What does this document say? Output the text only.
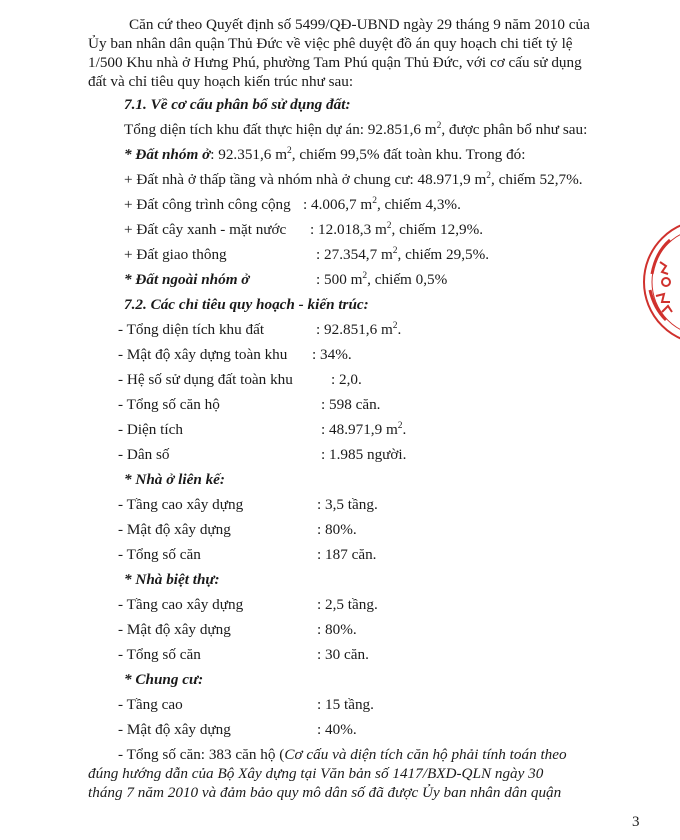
Căn cứ theo Quyết định số 5499/QĐ-UBND ngày 29 tháng 9 năm 2010 của
Ủy ban nhân dân quận Thủ Đức về việc phê duyệt đồ án quy hoạch chi tiết tỷ lệ
1/500 Khu nhà ở Hưng Phú, phường Tam Phú quận Thủ Đức, với cơ cấu sử dụng
đất và chỉ tiêu quy hoạch kiến trúc như sau:
7.1. Về cơ cấu phân bổ sử dụng đất:
Tổng diện tích khu đất thực hiện dự án: 92.851,6 $m^2$, được phân bổ như sau:
* Đất nhóm ở: 92.351,6 $m^2$, chiếm 99,5% đất toàn khu. Trong đó:
+ Đất nhà ở thấp tầng và nhóm nhà ở chung cư: 48.971,9 $m^2$, chiếm 52,7%.
+ Đất công trình công cộng : 4.006,7 $m^2$, chiếm 4,3%.
+ Đất cây xanh - mặt nước : 12.018,3 $m^2$, chiếm 12,9%.
+ Đất giao thông	: 27.354,7 $m^2$, chiếm 29,5%.
* Đất ngoài nhóm ở	: 500 $m^2$, chiếm 0,5%
7.2. Các chỉ tiêu quy hoạch - kiến trúc:
- Tổng diện tích khu đất	: 92.851,6 $m^2$.
- Mật độ xây dựng toàn khu : 34%.
- Hệ số sử dụng đất toàn khu	: 2,0.
- Tổng số căn hộ	: 598 căn.
- Diện tích	: 48.971,9 $m^2$.
- Dân số	: 1.985 người.
* Nhà ở liên kế:
- Tầng cao xây dựng	: 3,5 tầng.
- Mật độ xây dựng	: 80%.
- Tổng số căn	: 187 căn.
* Nhà biệt thự:
- Tầng cao xây dựng	: 2,5 tầng.
- Mật độ xây dựng	: 80%.
- Tổng số căn	: 30 căn.
* Chung cư:
- Tầng cao	: 15 tầng.
- Mật độ xây dựng	: 40%.
- Tổng số căn: 383 căn hộ (Cơ cấu và diện tích căn hộ phải tính toán theo
đúng hướng dẫn của Bộ Xây dựng tại Văn bản số 1417/BXD-QLN ngày 30
tháng 7 năm 2010 và đảm bảo quy mô dân số đã được Ủy ban nhân dân quận
3
